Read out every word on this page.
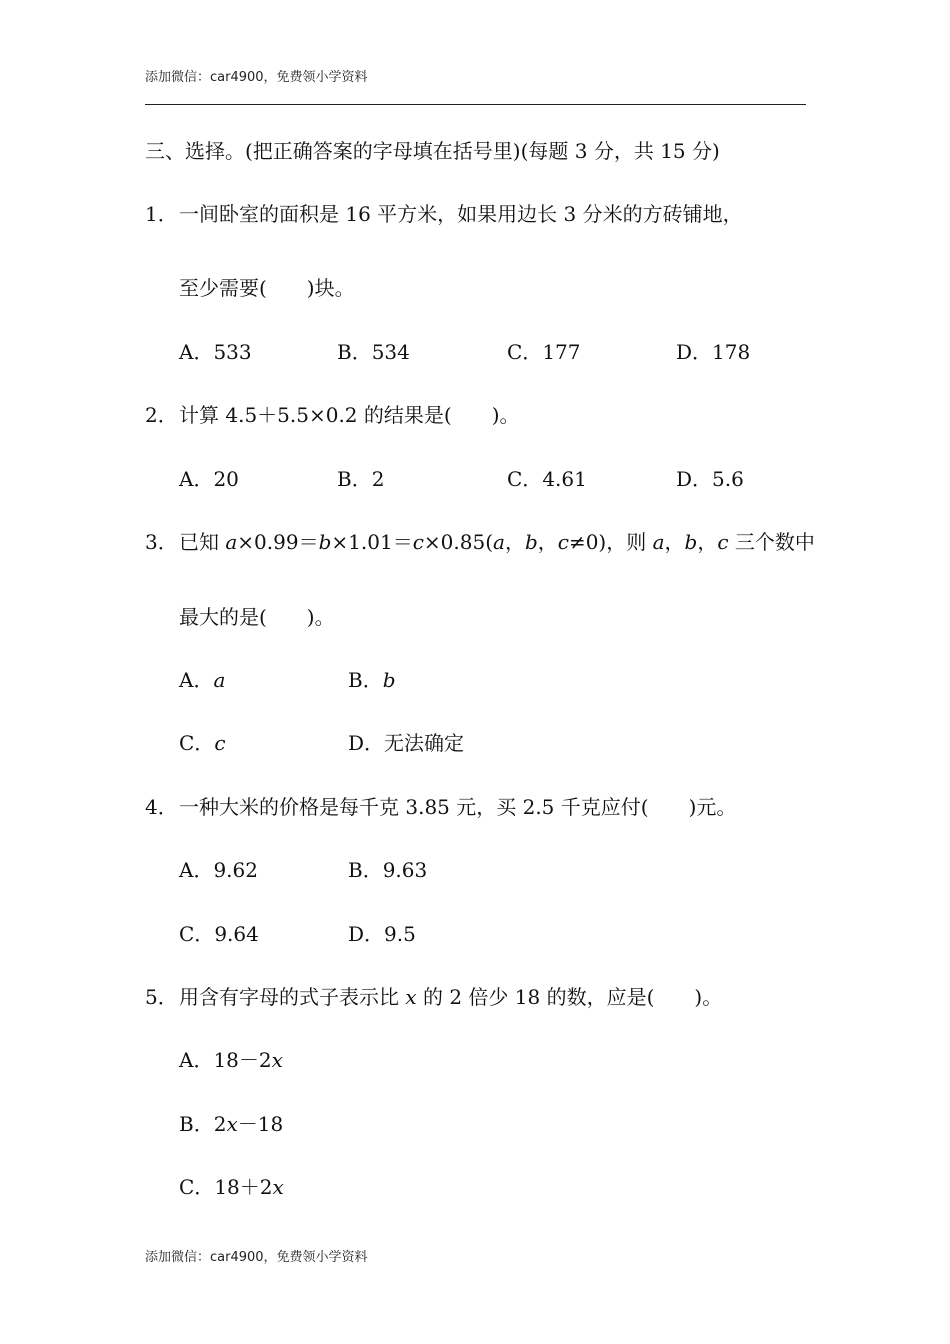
添加微信：car4900，免费领小学资料
三、选择。(把正确答案的字母填在括号里)(每题 3 分，共 15 分)
1．一间卧室的面积是 16 平方米，如果用边长 3 分米的方砖铺地，
至少需要(　　)块。
A．533	B．534	C．177	D．178
2．计算 4.5＋5.5×0.2 的结果是(　　)。
A．20	B．2	C．4.61	D．5.6
3．已知 a×0.99＝b×1.01＝c×0.85(a，b，c≠0)，则 a，b，c 三个数中
最大的是(　　)。
A．a	B．b
C．c	D．无法确定
4．一种大米的价格是每千克 3.85 元，买 2.5 千克应付(　　)元。
A．9.62	B．9.63
C．9.64	D．9.5
5．用含有字母的式子表示比 x 的 2 倍少 18 的数，应是(　　)。
A．18－2x
B．2x－18
C．18＋2x
添加微信：car4900，免费领小学资料
